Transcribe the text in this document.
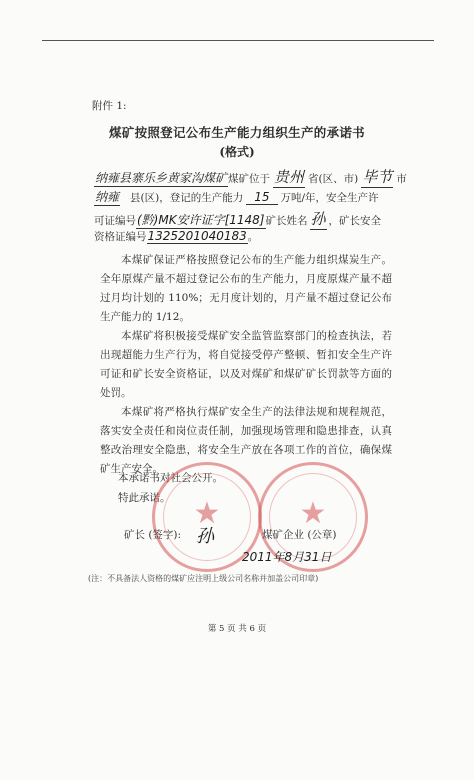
附件 1:
煤矿按照登记公布生产能力组织生产的承诺书
(格式)
纳雍县寨乐乡黄家沟煤矿煤矿位于 贵州 省(区、市) 毕节 市
纳雍 县(区)，登记的生产能力 15 万吨/年，安全生产许
可证编号(黔)MK安许证字[1148]矿长姓名 孙 ，矿长安全
资格证编号1325201040183。
本煤矿保证严格按照登记公布的生产能力组织煤炭生产。全年原煤产量不超过登记公布的生产能力，月度原煤产量不超过月均计划的 110%；无月度计划的，月产量不超过登记公布生产能力的 1/12。
本煤矿将积极接受煤矿安全监管监察部门的检查执法，若出现超能力生产行为，将自觉接受停产整顿、暂扣安全生产许可证和矿长安全资格证，以及对煤矿和煤矿矿长罚款等方面的处罚。
本煤矿将严格执行煤矿安全生产的法律法规和规程规范，落实安全责任和岗位责任制，加强现场管理和隐患排查，认真整改治理安全隐患，将安全生产放在各项工作的首位，确保煤矿生产安全。
本承诺书对社会公开。
特此承诺。 ★	★
矿长 (签字): 孙	煤矿企业 (公章)
2011年8月31日
(注：不具备法人资格的煤矿应注明上级公司名称并加盖公司印章)
第 5 页 共 6 页
